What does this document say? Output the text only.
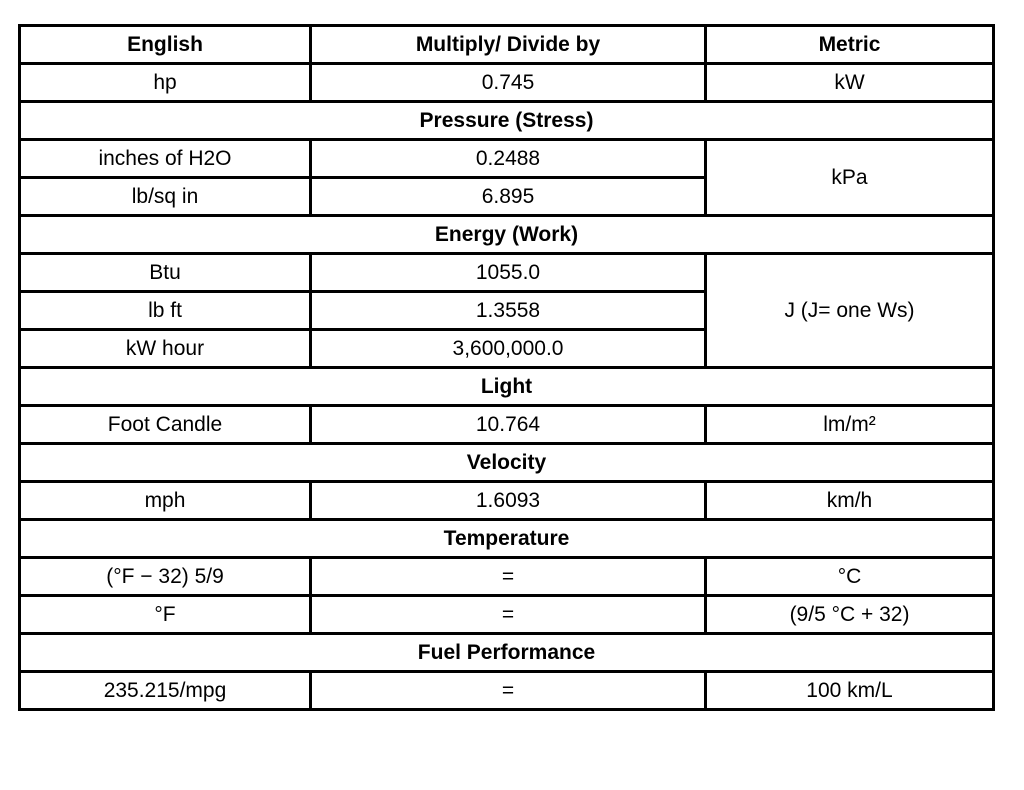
English	Multiply/ Divide by	Metric
hp	0.745	kW
Pressure (Stress)		
inches of H2O	0.2488	kPa
lb/sq in	6.895	
Energy (Work)		
Btu	1055.0	J (J= one Ws)
lb ft	1.3558	
kW hour	3,600,000.0	
Light		
Foot Candle	10.764	lm/m²
Velocity		
mph	1.6093	km/h
Temperature		
(°F − 32) 5/9	=	°C
°F	=	(9/5 °C + 32)
Fuel Performance		
235.215/mpg	=	100 km/L
